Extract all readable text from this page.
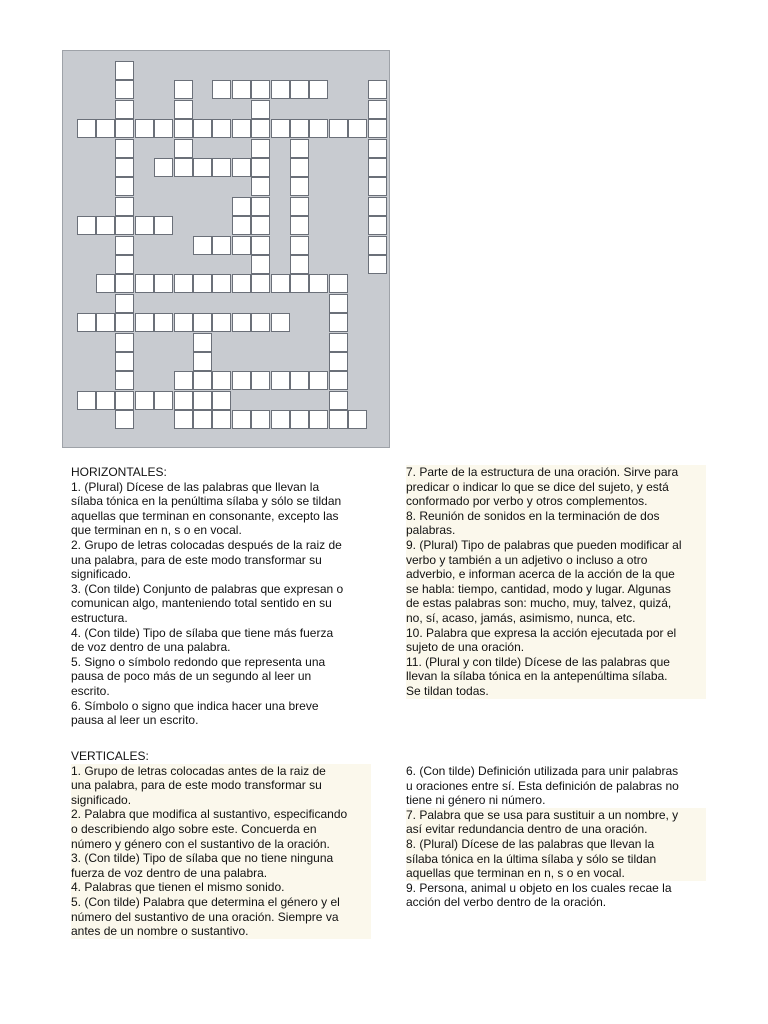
HORIZONTALES:
1. (Plural) Dícese de las palabras que llevan la
sílaba tónica en la penúltima sílaba y sólo se tildan
aquellas que terminan en consonante, excepto las
que terminan en n, s o en vocal.
2. Grupo de letras colocadas después de la raiz de
una palabra, para de este modo transformar su
significado.
3. (Con tilde) Conjunto de palabras que expresan o
comunican algo, manteniendo total sentido en su
estructura.
4. (Con tilde) Tipo de sílaba que tiene más fuerza
de voz dentro de una palabra.
5. Signo o símbolo redondo que representa una
pausa de poco más de un segundo al leer un
escrito.
6. Símbolo o signo que indica hacer una breve
pausa al leer un escrito.
7. Parte de la estructura de una oración. Sirve para
predicar o indicar lo que se dice del sujeto, y está
conformado por verbo y otros complementos.
8. Reunión de sonidos en la terminación de dos
palabras.
9. (Plural) Tipo de palabras que pueden modificar al
verbo y también a un adjetivo o incluso a otro
adverbio, e informan acerca de la acción de la que
se habla: tiempo, cantidad, modo y lugar. Algunas
de estas palabras son: mucho, muy, talvez, quizá,
no, sí, acaso, jamás, asimismo, nunca, etc.
10. Palabra que expresa la acción ejecutada por el
sujeto de una oración.
11. (Plural y con tilde) Dícese de las palabras que
llevan la sílaba tónica en la antepenúltima sílaba.
Se tildan todas.
VERTICALES:
1. Grupo de letras colocadas antes de la raiz de
una palabra, para de este modo transformar su
significado.
2. Palabra que modifica al sustantivo, especificando
o describiendo algo sobre este. Concuerda en
número y género con el sustantivo de la oración.
3. (Con tilde) Tipo de sílaba que no tiene ninguna
fuerza de voz dentro de una palabra.
4. Palabras que tienen el mismo sonido.
5. (Con tilde) Palabra que determina el género y el
número del sustantivo de una oración. Siempre va
antes de un nombre o sustantivo.
6. (Con tilde) Definición utilizada para unir palabras
u oraciones entre sí. Esta definición de palabras no
tiene ni género ni número.
7. Palabra que se usa para sustituir a un nombre, y
así evitar redundancia dentro de una oración.
8. (Plural) Dícese de las palabras que llevan la
sílaba tónica en la última sílaba y sólo se tildan
aquellas que terminan en n, s o en vocal.
9. Persona, animal u objeto en los cuales recae la
acción del verbo dentro de la oración.
